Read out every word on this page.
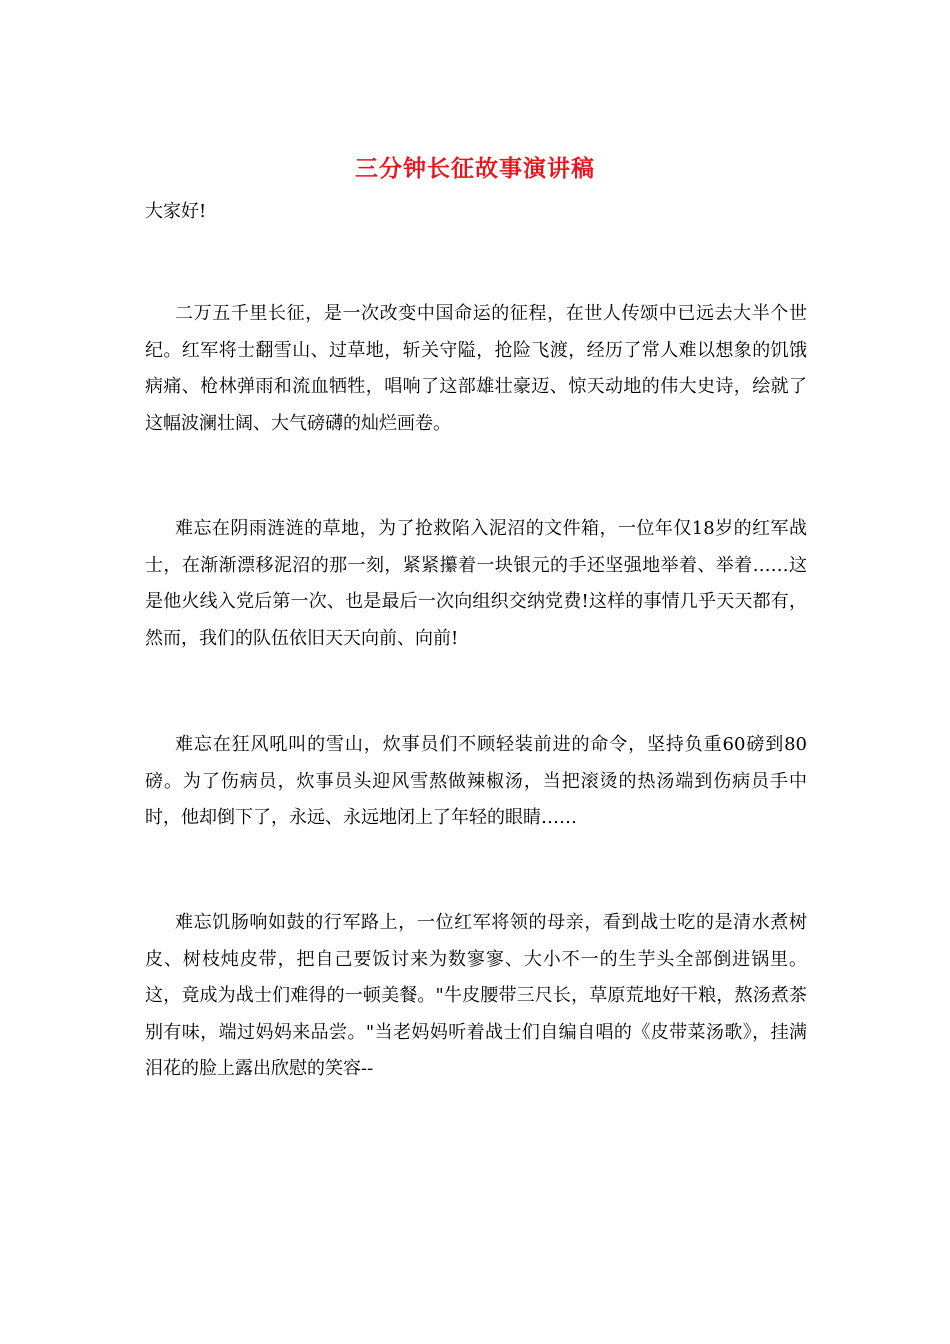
三分钟长征故事演讲稿
大家好!

二万五千里长征，是一次改变中国命运的征程，在世人传颂中已远去大半个世纪。红军将士翻雪山、过草地，斩关守隘，抢险飞渡，经历了常人难以想象的饥饿病痛、枪林弹雨和流血牺牲，唱响了这部雄壮豪迈、惊天动地的伟大史诗，绘就了这幅波澜壮阔、大气磅礴的灿烂画卷。

难忘在阴雨涟涟的草地，为了抢救陷入泥沼的文件箱，一位年仅18岁的红军战士，在渐渐漂移泥沼的那一刻，紧紧攥着一块银元的手还坚强地举着、举着……这是他火线入党后第一次、也是最后一次向组织交纳党费!这样的事情几乎天天都有，然而，我们的队伍依旧天天向前、向前!

难忘在狂风吼叫的雪山，炊事员们不顾轻装前进的命令，坚持负重60磅到80磅。为了伤病员，炊事员头迎风雪熬做辣椒汤，当把滚烫的热汤端到伤病员手中时，他却倒下了，永远、永远地闭上了年轻的眼睛……

难忘饥肠响如鼓的行军路上，一位红军将领的母亲，看到战士吃的是清水煮树皮、树枝炖皮带，把自己要饭讨来为数寥寥、大小不一的生芋头全部倒进锅里。这，竟成为战士们难得的一顿美餐。"牛皮腰带三尺长，草原荒地好干粮，熬汤煮茶别有味，端过妈妈来品尝。"当老妈妈听着战士们自编自唱的《皮带菜汤歌》，挂满泪花的脸上露出欣慰的笑容--
